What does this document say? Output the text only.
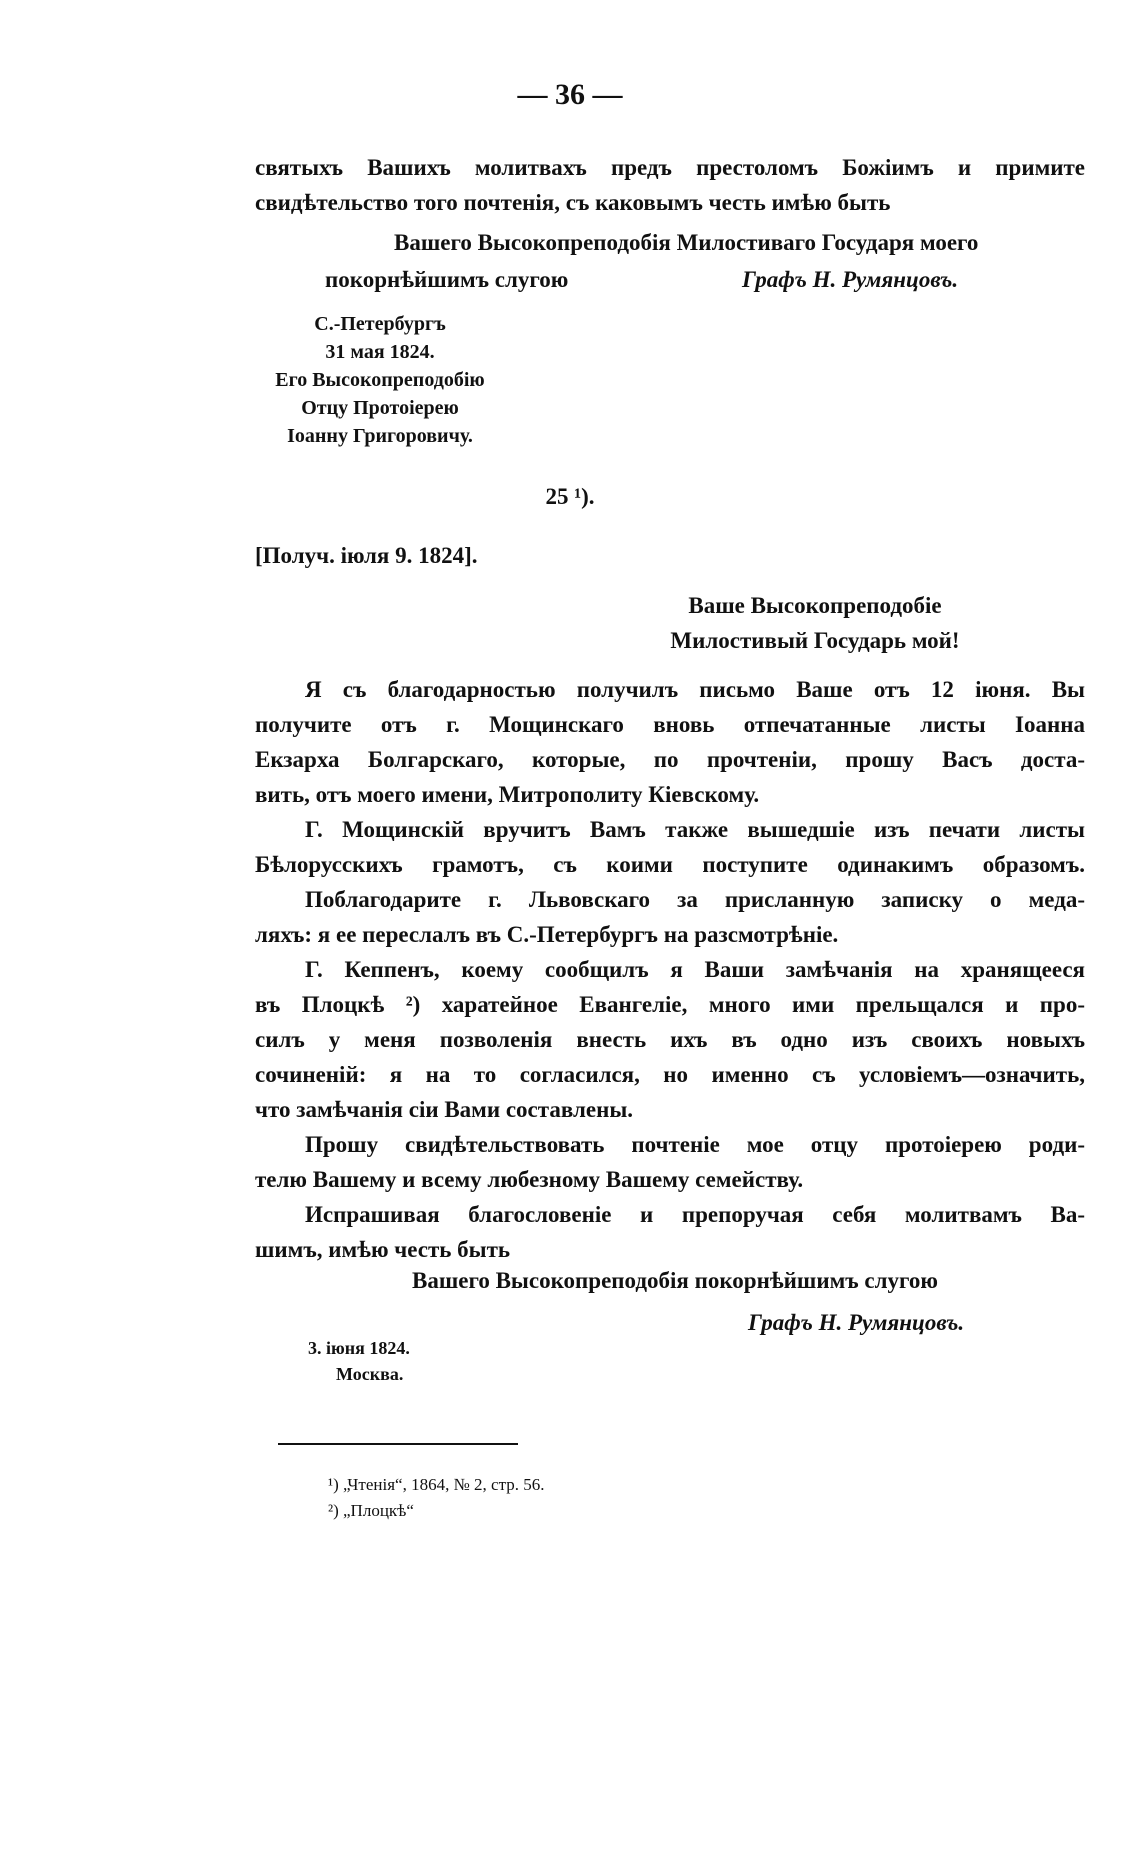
— 36 —
святыхъ Вашихъ молитвахъ предъ престоломъ Божіимъ и примите
свидѣтельство того почтенія, съ каковымъ честь имѣю быть
Вашего Высокопреподобія Милостиваго Государя моего
покорнѣйшимъ слугою	Графъ Н. Румянцовъ.
С.-Петербургъ
31 мая 1824.
Его Высокопреподобію
Отцу Протоіерею
Іоанну Григоровичу.
25 ¹).
[Получ. іюля 9. 1824].
Ваше Высокопреподобіе
Милостивый Государь мой!
Я съ благодарностью получилъ письмо Ваше отъ 12 іюня. Вы
получите отъ г. Мощинскаго вновь отпечатанные листы Іоанна
Екзарха Болгарскаго, которые, по прочтеніи, прошу Васъ доста-
вить, отъ моего имени, Митрополиту Кіевскому.
Г. Мощинскій вручитъ Вамъ также вышедшіе изъ печати листы
Бѣлорусскихъ грамотъ, съ коими поступите одинакимъ образомъ.
Поблагодарите г. Львовскаго за присланную записку о меда-
ляхъ: я ее переслалъ въ С.-Петербургъ на разсмотрѣніе.
Г. Кеппенъ, коему сообщилъ я Ваши замѣчанія на хранящееся
въ Плоцкѣ ²) харатейное Евангеліе, много ими прельщался и про-
силъ у меня позволенія внесть ихъ въ одно изъ своихъ новыхъ
сочиненій: я на то согласился, но именно съ условіемъ—означить,
что замѣчанія сіи Вами составлены.
Прошу свидѣтельствовать почтеніе мое отцу протоіерею роди-
телю Вашему и всему любезному Вашему семейству.
Испрашивая благословеніе и препоручая себя молитвамъ Ва-
шимъ, имѣю честь быть
Вашего Высокопреподобія покорнѣйшимъ слугою
Графъ Н. Румянцовъ.
3. іюня 1824.
Москва.
¹) „Чтенія“, 1864, № 2, стр. 56.
²) „Плоцкѣ“
